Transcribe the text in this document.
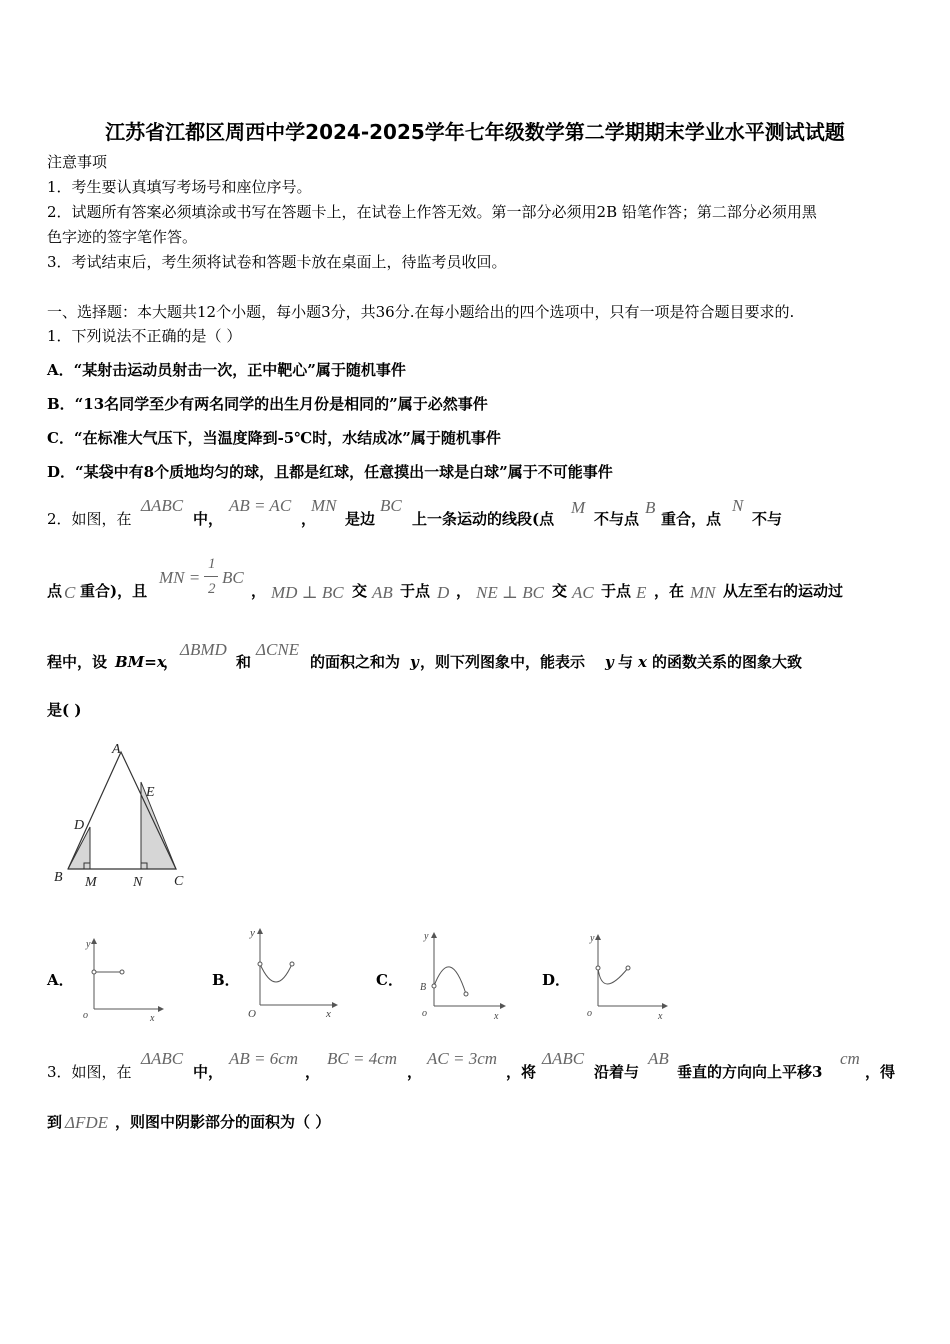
江苏省江都区周西中学2024-2025学年七年级数学第二学期期末学业水平测试试题
注意事项
1．考生要认真填写考场号和座位序号。
2．试题所有答案必须填涂或书写在答题卡上，在试卷上作答无效。第一部分必须用2B 铅笔作答；第二部分必须用黑
色字迹的签字笔作答。
3．考试结束后，考生须将试卷和答题卡放在桌面上，待监考员收回。
一、选择题：本大题共12个小题，每小题3分，共36分.在每小题给出的四个选项中，只有一项是符合题目要求的.
1．下列说法不正确的是（ ）
A．“某射击运动员射击一次，正中靶心”属于随机事件
B．“13名同学至少有两名同学的出生月份是相同的”属于必然事件
C．“在标准大气压下，当温度降到-5℃时，水结成冰”属于随机事件
D．“某袋中有8个质地均匀的球，且都是红球，任意摸出一球是白球”属于不可能事件
2．如图，在
ΔABC
中，
AB = AC
，
MN
是边
BC
上一条运动的线段(点
M
不与点
B
重合，点
N
不与
点 C 重合)，且
MN =
1
2
BC
， MD ⊥ BC 交 AB 于点 D ， NE ⊥ BC 交 AC 于点 E ，在 MN 从左至右的运动过
程中，设 BM=x
，
ΔBMD
和
ΔCNE
的面积之和为 y ，则下列图象中，能表示 y 与 x 的函数关系的图象大致
是( )
A
B	C
D
E
M	N
A．
y
x
o
B．
y
x
O
C．
y
x
o
B	D．
y
x
o
3．如图，在
ΔABC
中，
AB = 6cm
，
BC = 4cm
，
AC = 3cm
，将
ΔABC
沿着与
AB
垂直的方向向上平移3
cm
，得
到 ΔFDE ，则图中阴影部分的面积为（ ）
